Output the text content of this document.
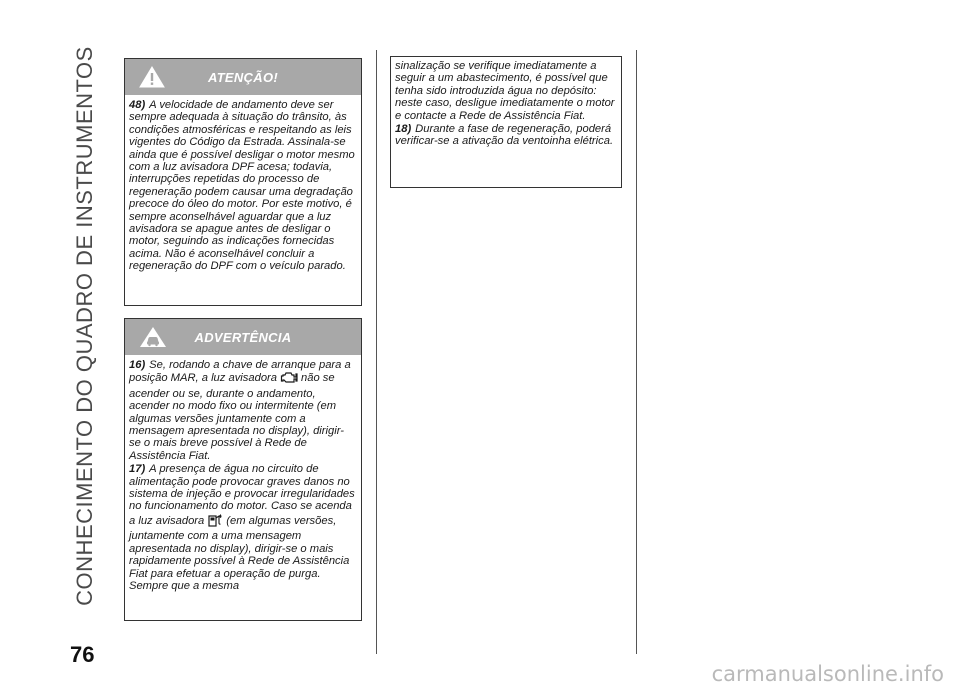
CONHECIMENTO DO QUADRO DE INSTRUMENTOS	ATENÇÃO!

48) A velocidade de andamento deve ser sempre adequada à situação do trânsito, às condições atmosféricas e respeitando as leis vigentes do Código da Estrada. Assinala-se ainda que é possível desligar o motor mesmo com a luz avisadora DPF acesa; todavia, interrupções repetidas do processo de regeneração podem causar uma degradação precoce do óleo do motor. Por este motivo, é sempre aconselhável aguardar que a luz avisadora se apague antes de desligar o motor, seguindo as indicações fornecidas acima. Não é aconselhável concluir a regeneração do DPF com o veículo parado.

ADVERTÊNCIA

16) Se, rodando a chave de arranque para a posição MAR, a luz avisadora não se acender ou se, durante o andamento, acender no modo fixo ou intermitente (em algumas versões juntamente com a mensagem apresentada no display), dirigir-se o mais breve possível à Rede de Assistência Fiat.

17) A presença de água no circuito de alimentação pode provocar graves danos no sistema de injeção e provocar irregularidades no funcionamento do motor. Caso se acenda a luz avisadora (em algumas versões, juntamente com a uma mensagem apresentada no display), dirigir-se o mais rapidamente possível à Rede de Assistência Fiat para efetuar a operação de purga. Sempre que a mesma

sinalização se verifique imediatamente a seguir a um abastecimento, é possível que tenha sido introduzida água no depósito: neste caso, desligue imediatamente o motor e contacte a Rede de Assistência Fiat.

18) Durante a fase de regeneração, poderá verificar-se a ativação da ventoinha elétrica.

76
carmanualsonline.info
